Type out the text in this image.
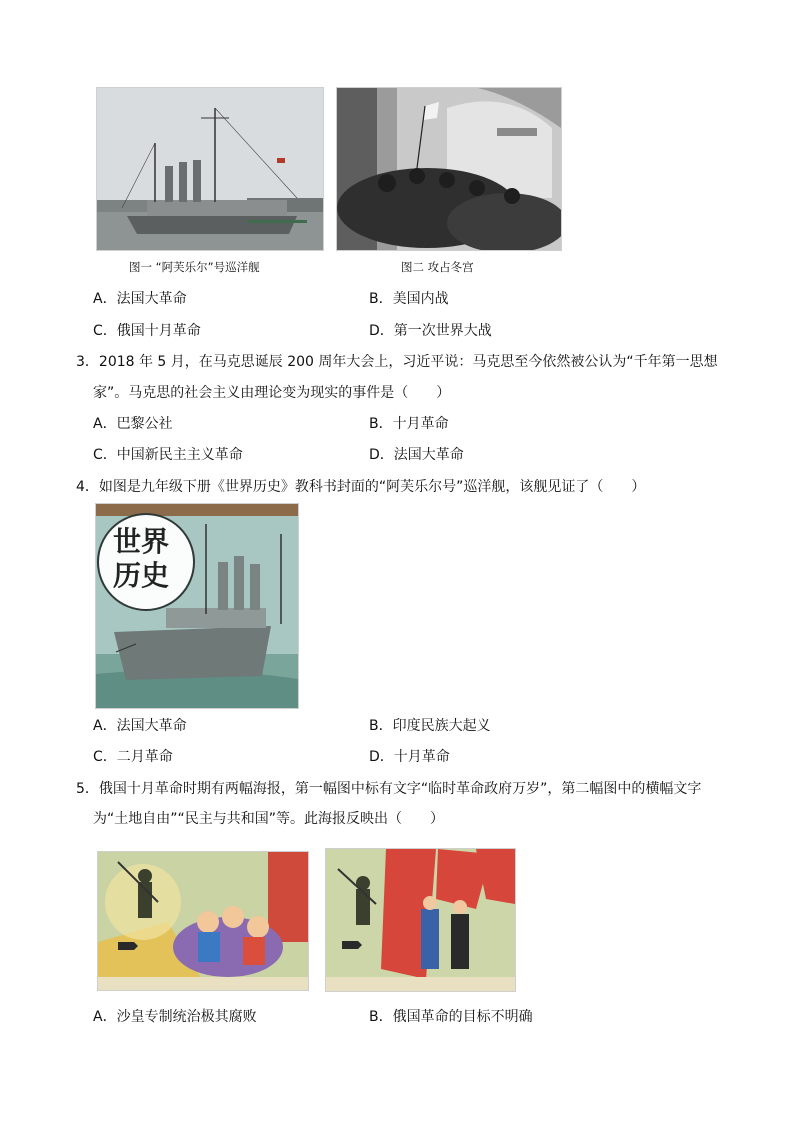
图一 “阿芙乐尔”号巡洋舰	图二 攻占冬宫
A．法国大革命	B．美国内战
C．俄国十月革命	D．第一次世界大战
3．2018 年 5 月，在马克思诞辰 200 周年大会上，习近平说：马克思至今依然被公认为“千年第一思想
家”。马克思的社会主义由理论变为现实的事件是（　　）
A．巴黎公社	B．十月革命
C．中国新民主主义革命	D．法国大革命
4．如图是九年级下册《世界历史》教科书封面的“阿芙乐尔号”巡洋舰，该舰见证了（　　）
世界
历史
A．法国大革命	B．印度民族大起义
C．二月革命	D．十月革命
5．俄国十月革命时期有两幅海报，第一幅图中标有文字“临时革命政府万岁”，第二幅图中的横幅文字
为“土地自由”“民主与共和国”等。此海报反映出（　　）
A．沙皇专制统治极其腐败	B．俄国革命的目标不明确
